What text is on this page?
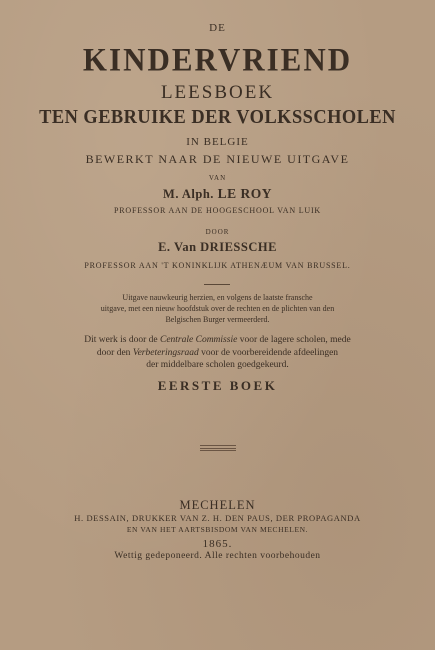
DE
KINDERVRIEND
LEESBOEK
TEN GEBRUIKE DER VOLKSSCHOLEN
IN BELGIE
BEWERKT NAAR DE NIEUWE UITGAVE
VAN
M. Alph. LE ROY
PROFESSOR AAN DE HOOGESCHOOL VAN LUIK
DOOR
E. Van DRIESSCHE
PROFESSOR AAN 'T KONINKLIJK ATHENÆUM VAN BRUSSEL.
Uitgave nauwkeurig herzien, en volgens de laatste fransche
uitgave, met een nieuw hoofdstuk over de rechten en de plichten van den
Belgischen Burger vermeerderd.
Dit werk is door de Centrale Commissie voor de lagere scholen, mede
door den Verbeteringsraad voor de voorbereidende afdeelingen
der middelbare scholen goedgekeurd.
EERSTE BOEK
MECHELEN
H. DESSAIN, DRUKKER VAN Z. H. DEN PAUS, DER PROPAGANDA
EN VAN HET AARTSBISDOM VAN MECHELEN.
1865.
Wettig gedeponeerd. Alle rechten voorbehouden
